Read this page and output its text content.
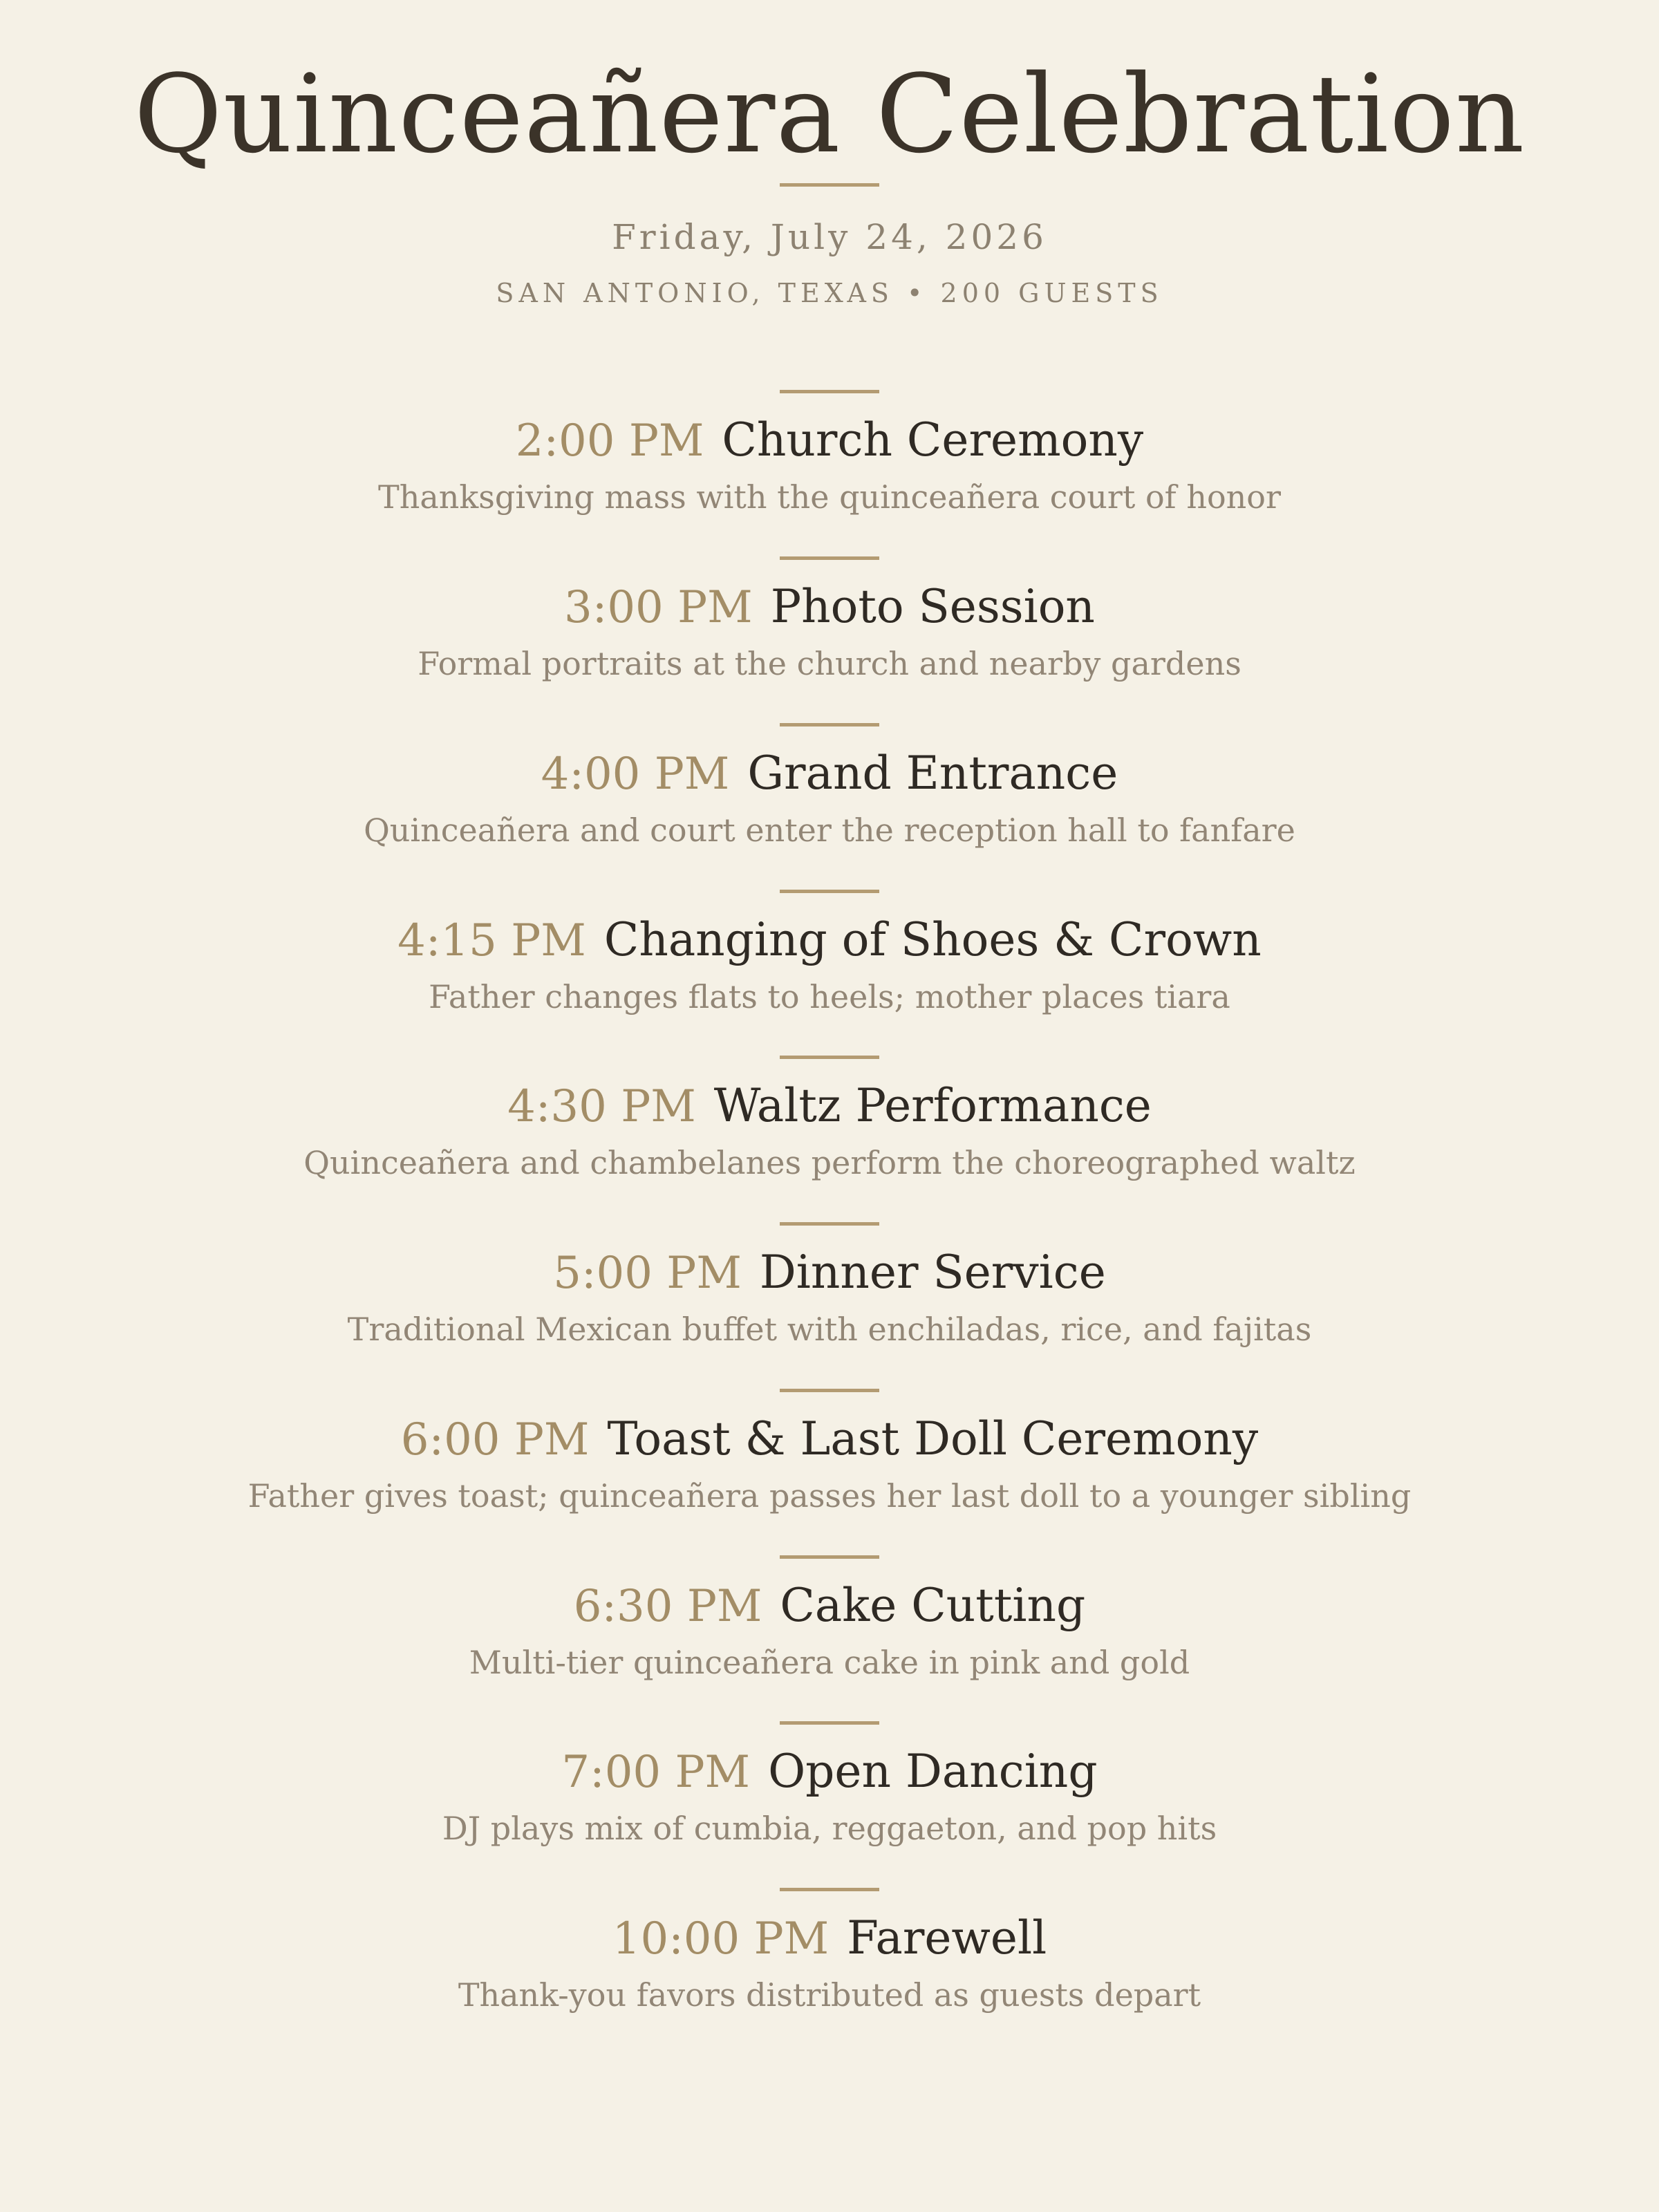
Quinceañera Celebration
Friday, July 24, 2026
SAN ANTONIO, TEXAS • 200 GUESTS
2:00 PM Church Ceremony
Thanksgiving mass with the quinceañera court of honor
3:00 PM Photo Session
Formal portraits at the church and nearby gardens
4:00 PM Grand Entrance
Quinceañera and court enter the reception hall to fanfare
4:15 PM Changing of Shoes & Crown
Father changes flats to heels; mother places tiara
4:30 PM Waltz Performance
Quinceañera and chambelanes perform the choreographed waltz
5:00 PM Dinner Service
Traditional Mexican buffet with enchiladas, rice, and fajitas
6:00 PM Toast & Last Doll Ceremony
Father gives toast; quinceañera passes her last doll to a younger sibling
6:30 PM Cake Cutting
Multi-tier quinceañera cake in pink and gold
7:00 PM Open Dancing
DJ plays mix of cumbia, reggaeton, and pop hits
10:00 PM Farewell
Thank-you favors distributed as guests depart
